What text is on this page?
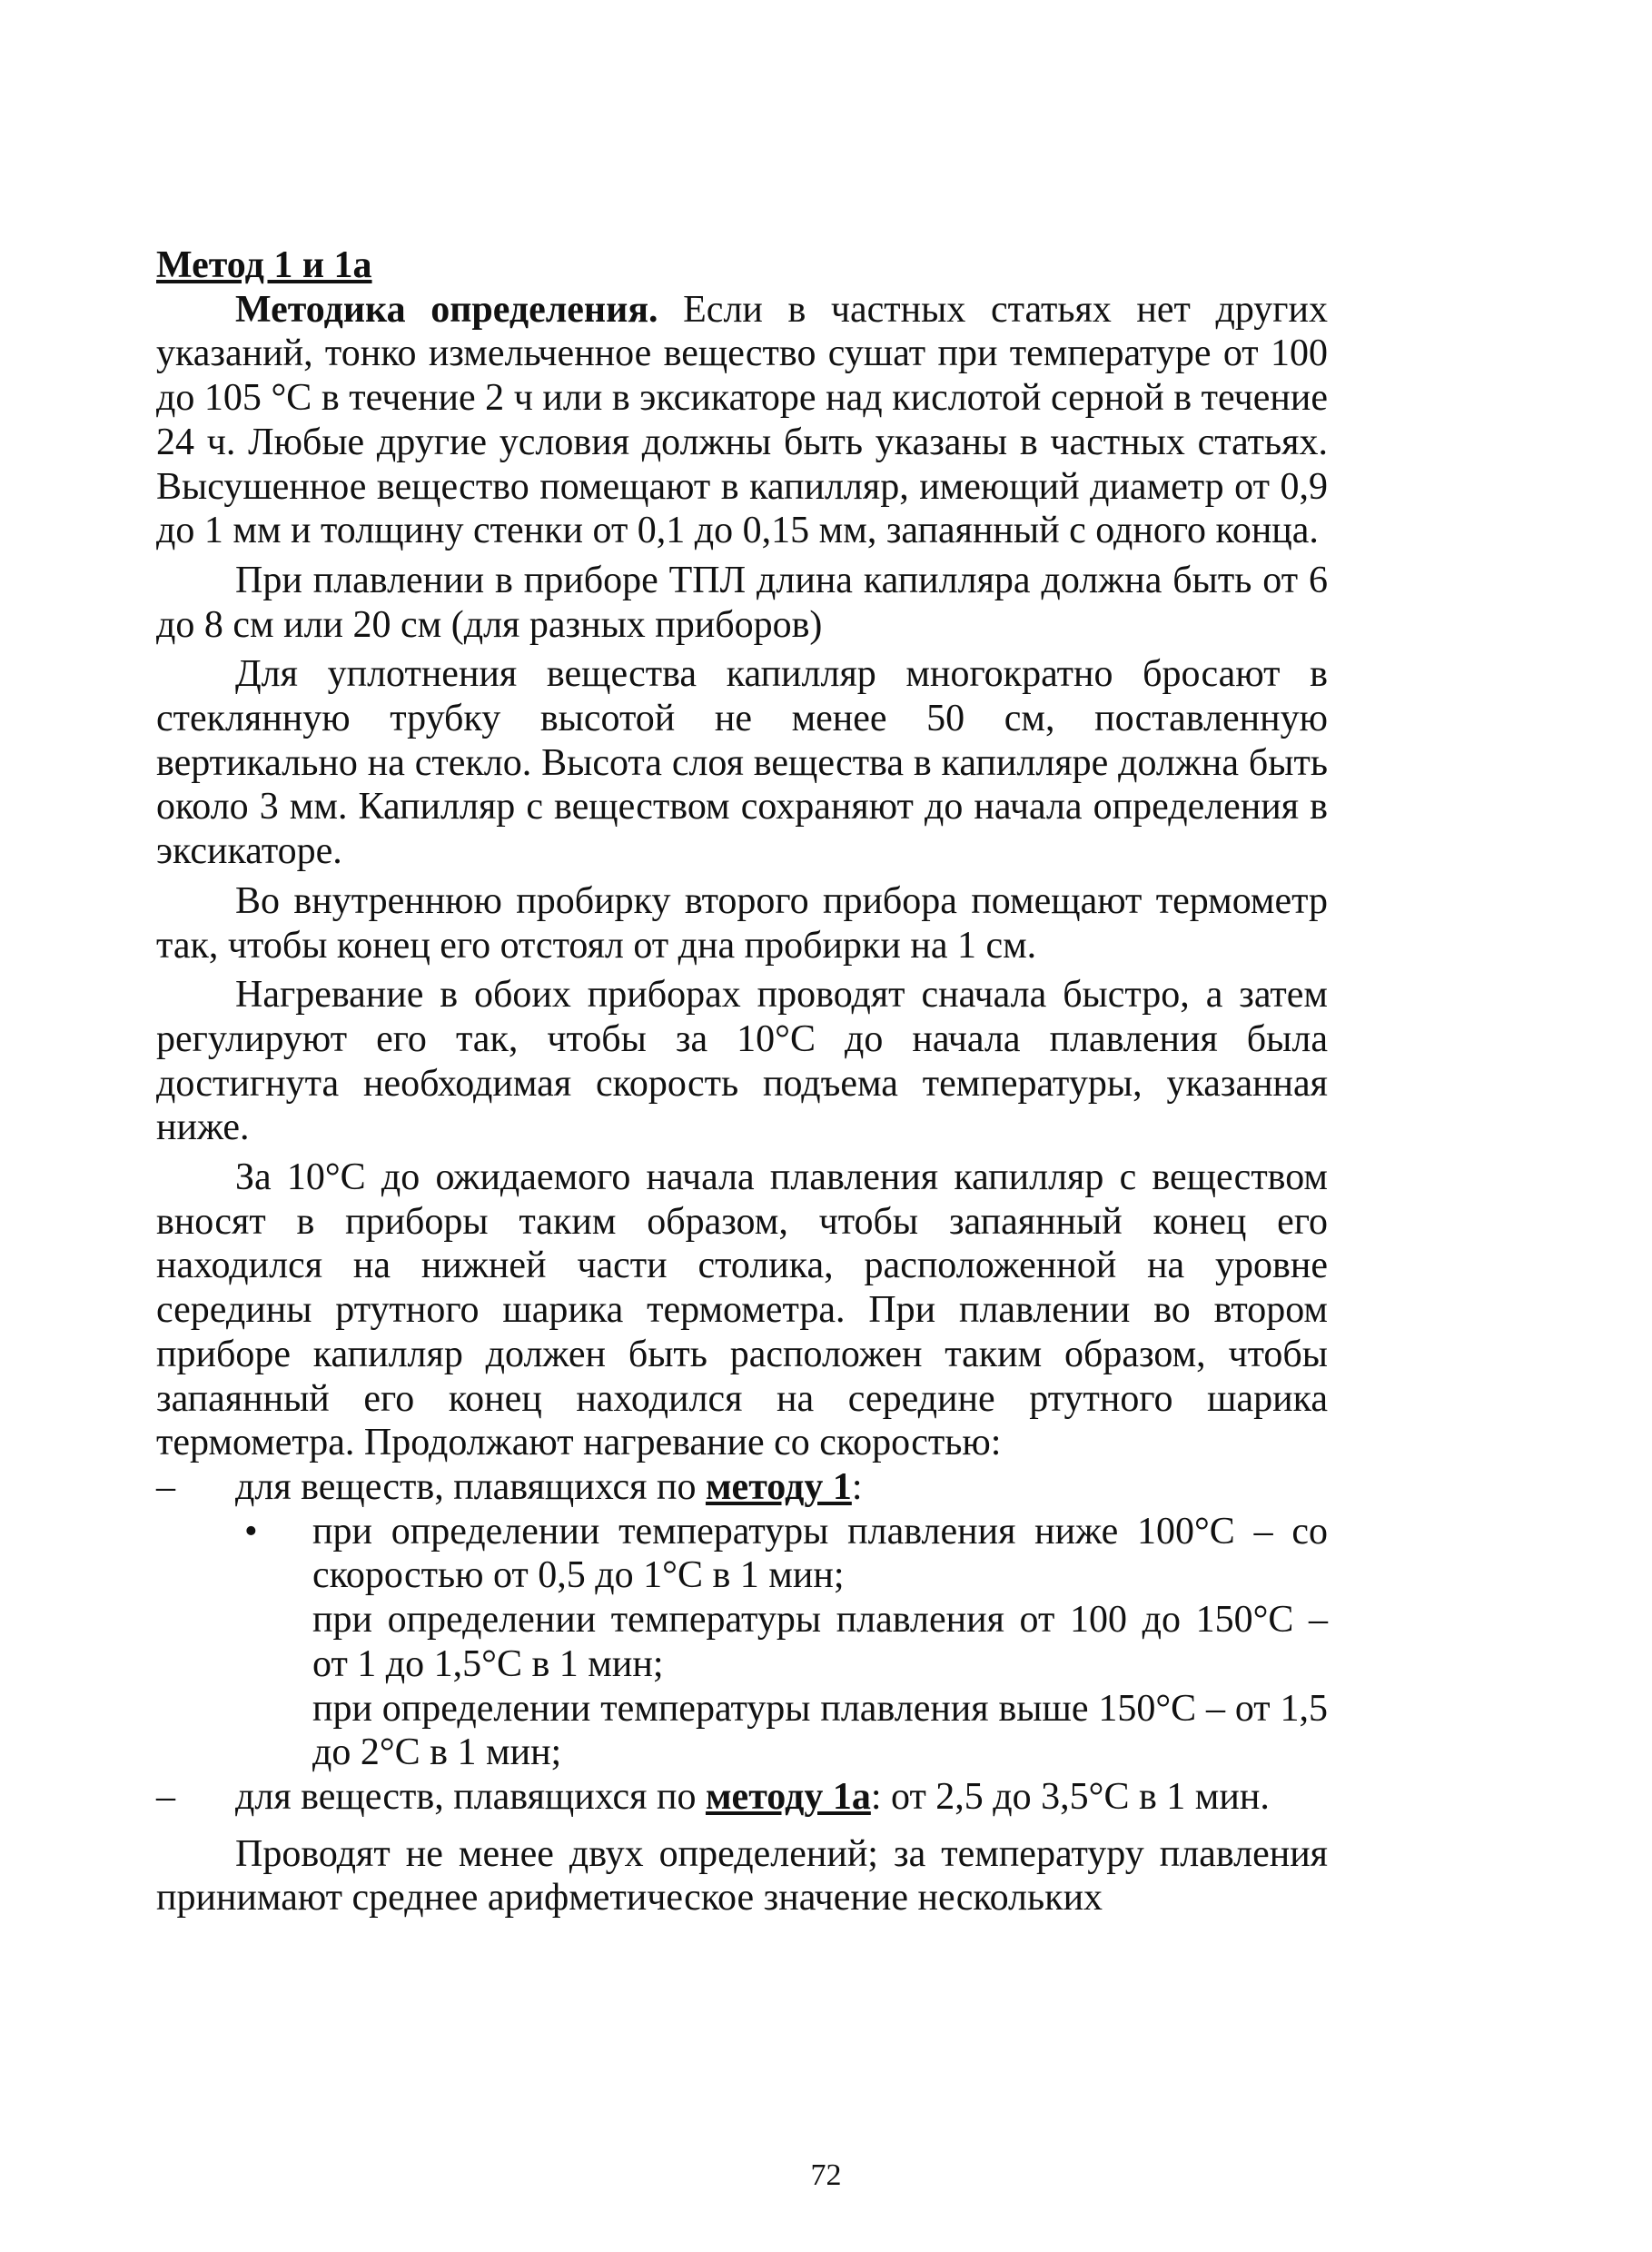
Метод 1 и 1а

Методика определения. Если в частных статьях нет других указаний, тонко измельченное вещество сушат при температуре от 100 до 105 °С в течение 2 ч или в эксикаторе над кислотой серной в течение 24 ч. Любые другие условия должны быть указаны в частных статьях. Высушенное вещество помещают в капилляр, имеющий диаметр от 0,9 до 1 мм и толщину стенки от 0,1 до 0,15 мм, запаянный с одного конца.

При плавлении в приборе ТПЛ длина капилляра должна быть от 6 до 8 см или 20 см (для разных приборов)

Для уплотнения вещества капилляр многократно бросают в стеклянную трубку высотой не менее 50 см, поставленную вертикально на стекло. Высота слоя вещества в капилляре должна быть около 3 мм. Капилляр с веществом сохраняют до начала определения в эксикаторе.

Во внутреннюю пробирку второго прибора помещают термометр так, чтобы конец его отстоял от дна пробирки на 1 см.

Нагревание в обоих приборах проводят сначала быстро, а затем регулируют его так, чтобы за 10°С до начала плавления была достигнута необходимая скорость подъема температуры, указанная ниже.

За 10°С до ожидаемого начала плавления капилляр с веществом вносят в приборы таким образом, чтобы запаянный конец его находился на нижней части столика, расположенной на уровне середины ртутного шарика термометра. При плавлении во втором приборе капилляр должен быть расположен таким образом, чтобы запаянный его конец находился на середине ртутного шарика термометра. Продолжают нагревание со скоростью:

–	для веществ, плавящихся по методу 1:

• при определении температуры плавления ниже 100°С – со скоростью от 0,5 до 1°С в 1 мин;

при определении температуры плавления от 100 до 150°С – от 1 до 1,5°С в 1 мин;

при определении температуры плавления выше 150°С – от 1,5 до 2°С в 1 мин;

–	для веществ, плавящихся по методу 1а: от 2,5 до 3,5°С в 1 мин.

Проводят не менее двух определений; за температуру плавления принимают среднее арифметическое значение нескольких

72
